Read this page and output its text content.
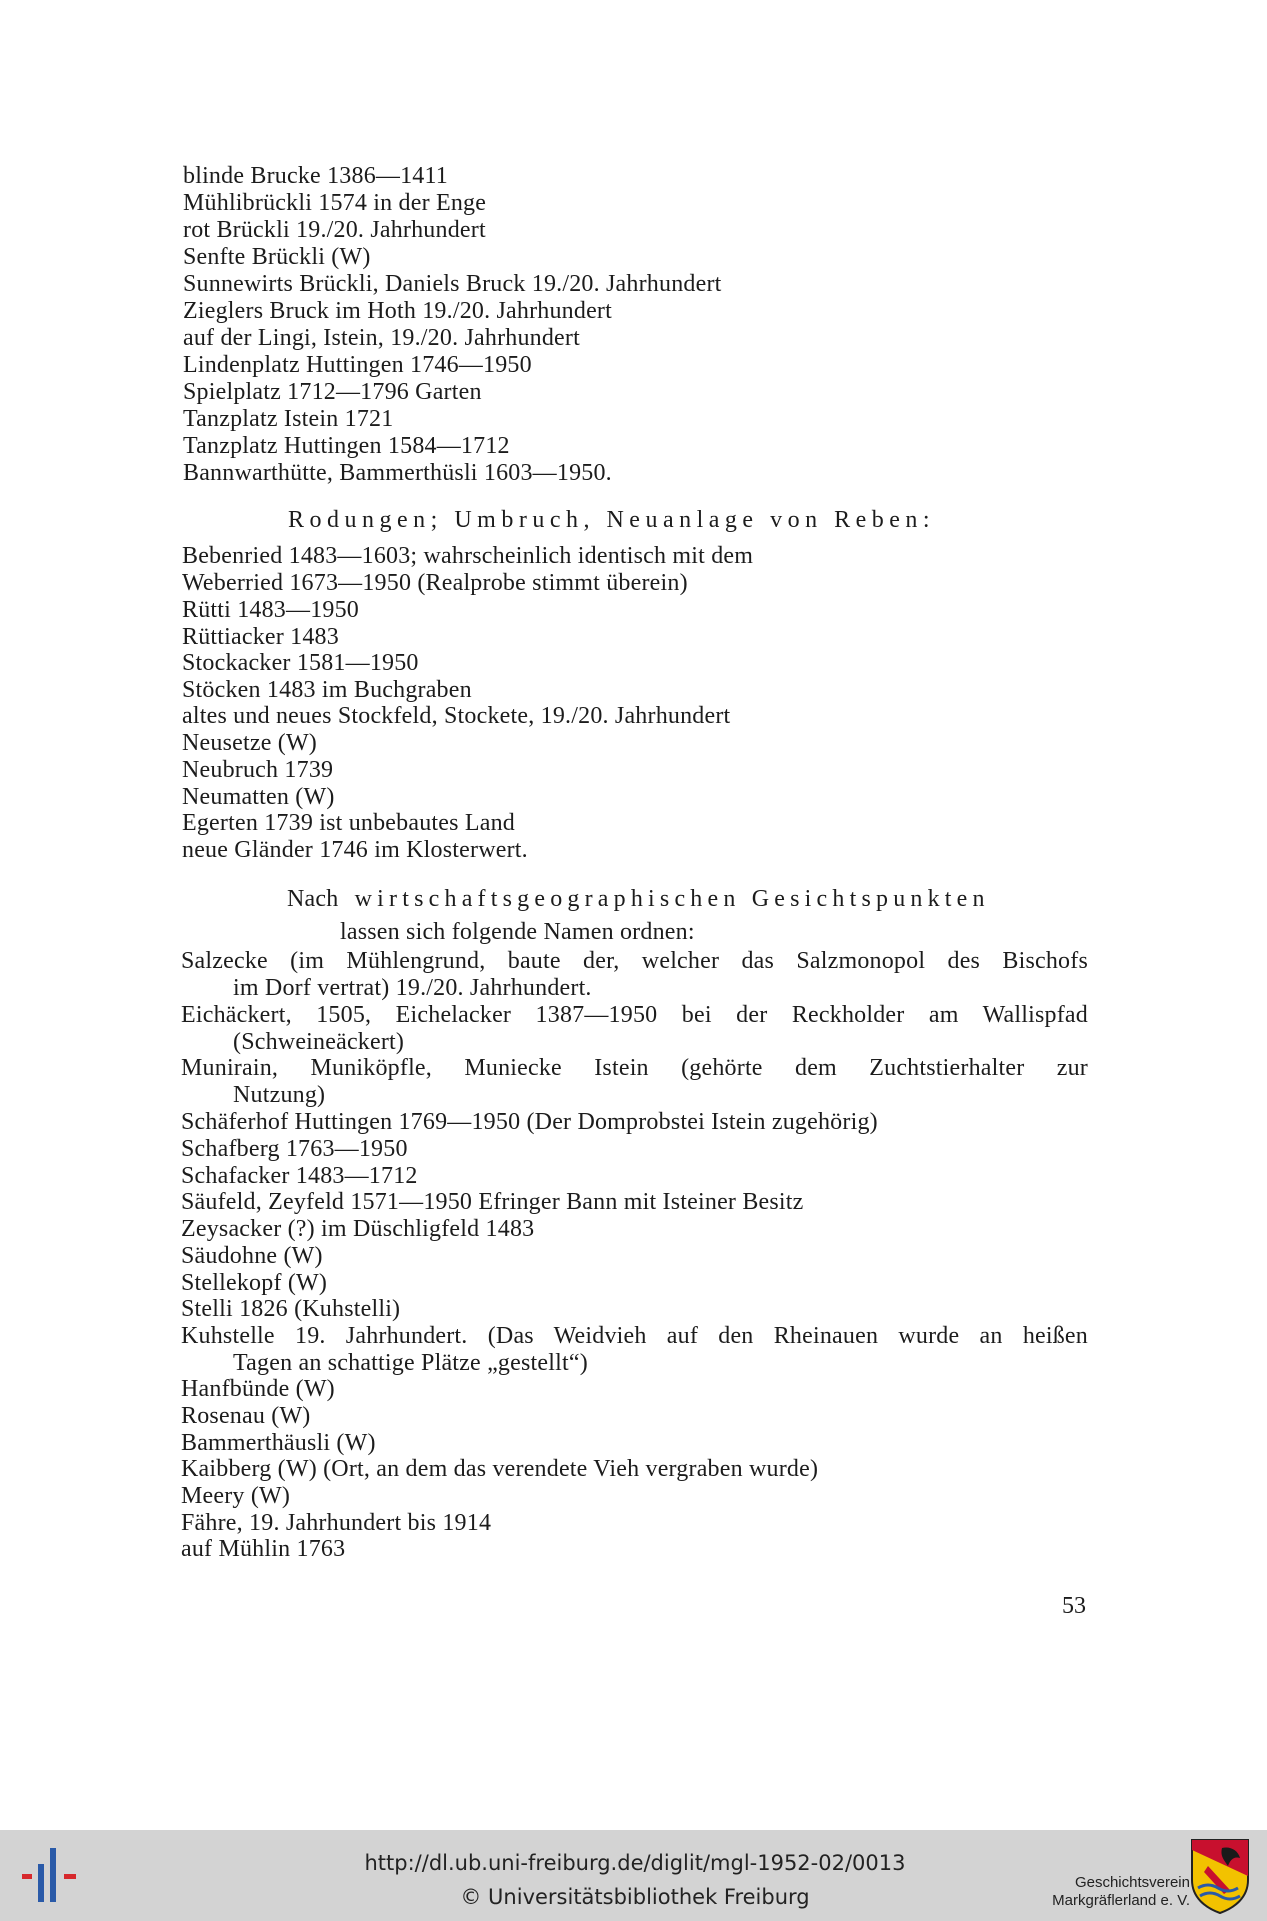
blinde Brucke 1386—1411
Mühlibrückli 1574 in der Enge
rot Brückli 19./20. Jahrhundert
Senfte Brückli (W)
Sunnewirts Brückli, Daniels Bruck 19./20. Jahrhundert
Zieglers Bruck im Hoth 19./20. Jahrhundert
auf der Lingi, Istein, 19./20. Jahrhundert
Lindenplatz Huttingen 1746—1950
Spielplatz 1712—1796 Garten
Tanzplatz Istein 1721
Tanzplatz Huttingen 1584—1712
Bannwarthütte, Bammerthüsli 1603—1950.
Rodungen; Umbruch, Neuanlage von Reben:
Bebenried 1483—1603; wahrscheinlich identisch mit dem
Weberried 1673—1950 (Realprobe stimmt überein)
Rütti 1483—1950
Rüttiacker 1483
Stockacker 1581—1950
Stöcken 1483 im Buchgraben
altes und neues Stockfeld, Stockete, 19./20. Jahrhundert
Neusetze (W)
Neubruch 1739
Neumatten (W)
Egerten 1739 ist unbebautes Land
neue Gländer 1746 im Klosterwert.
Nach wirtschaftsgeographischen Gesichtspunkten
lassen sich folgende Namen ordnen:
Salzecke (im Mühlengrund, baute der, welcher das Salzmonopol des Bischofs
im Dorf vertrat) 19./20. Jahrhundert.
Eichäckert, 1505, Eichelacker 1387—1950 bei der Reckholder am Wallispfad
(Schweineäckert)
Munirain, Muniköpfle, Muniecke Istein (gehörte dem Zuchtstierhalter zur
Nutzung)
Schäferhof Huttingen 1769—1950 (Der Domprobstei Istein zugehörig)
Schafberg 1763—1950
Schafacker 1483—1712
Säufeld, Zeyfeld 1571—1950 Efringer Bann mit Isteiner Besitz
Zeysacker (?) im Düschligfeld 1483
Säudohne (W)
Stellekopf (W)
Stelli 1826 (Kuhstelli)
Kuhstelle 19. Jahrhundert. (Das Weidvieh auf den Rheinauen wurde an heißen
Tagen an schattige Plätze „gestellt“)
Hanfbünde (W)
Rosenau (W)
Bammerthäusli (W)
Kaibberg (W) (Ort, an dem das verendete Vieh vergraben wurde)
Meery (W)
Fähre, 19. Jahrhundert bis 1914
auf Mühlin 1763
53
http://dl.ub.uni-freiburg.de/diglit/mgl-1952-02/0013
© Universitätsbibliothek Freiburg
Geschichtsverein
Markgräflerland e. V.
